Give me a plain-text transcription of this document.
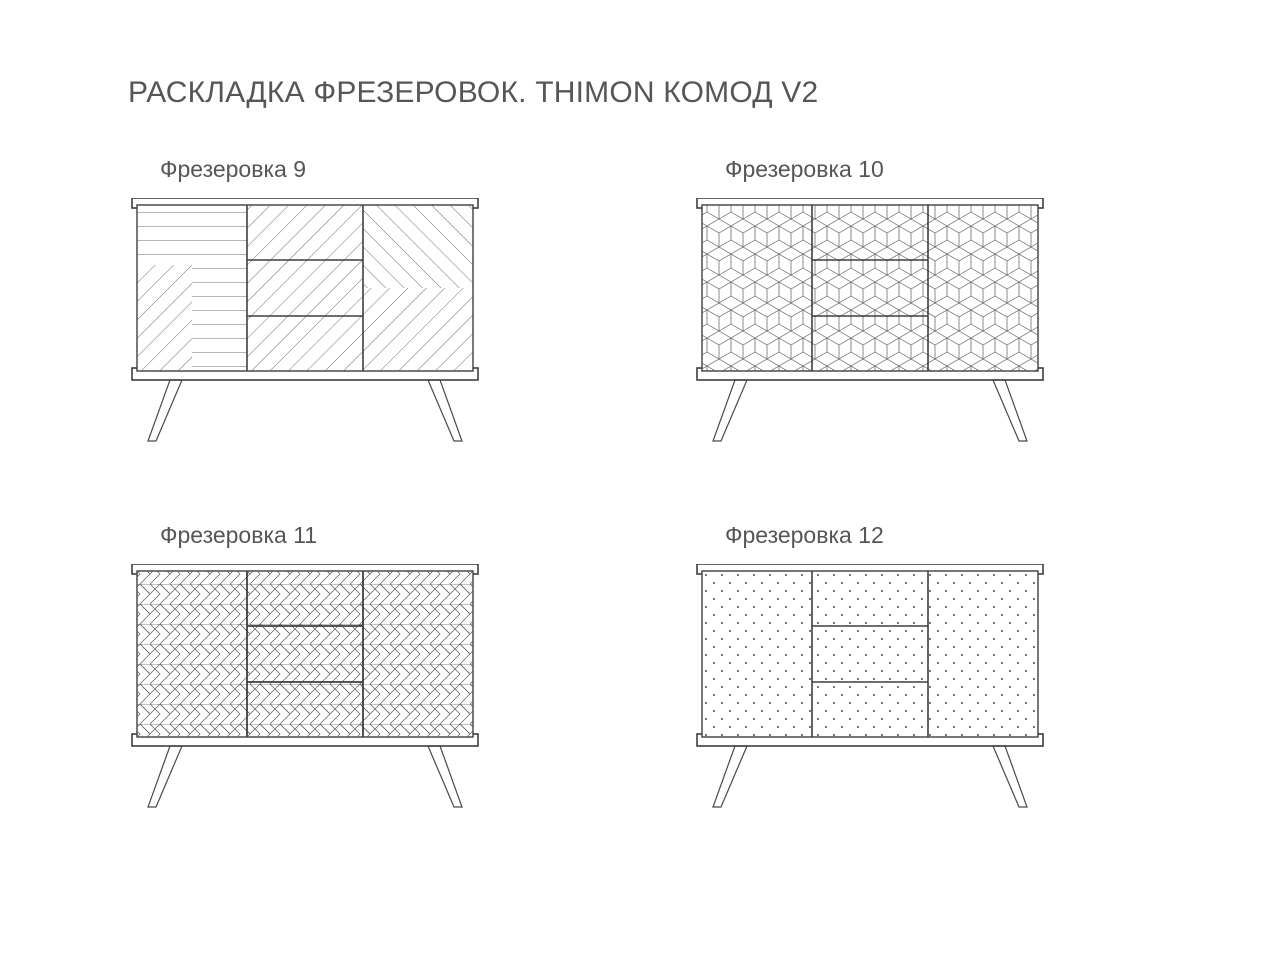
РАСКЛАДКА ФРЕЗЕРОВОК. THIMON КОМОД V2
Фрезеровка 9	Фрезеровка 10
Фрезеровка 11	Фрезеровка 12
